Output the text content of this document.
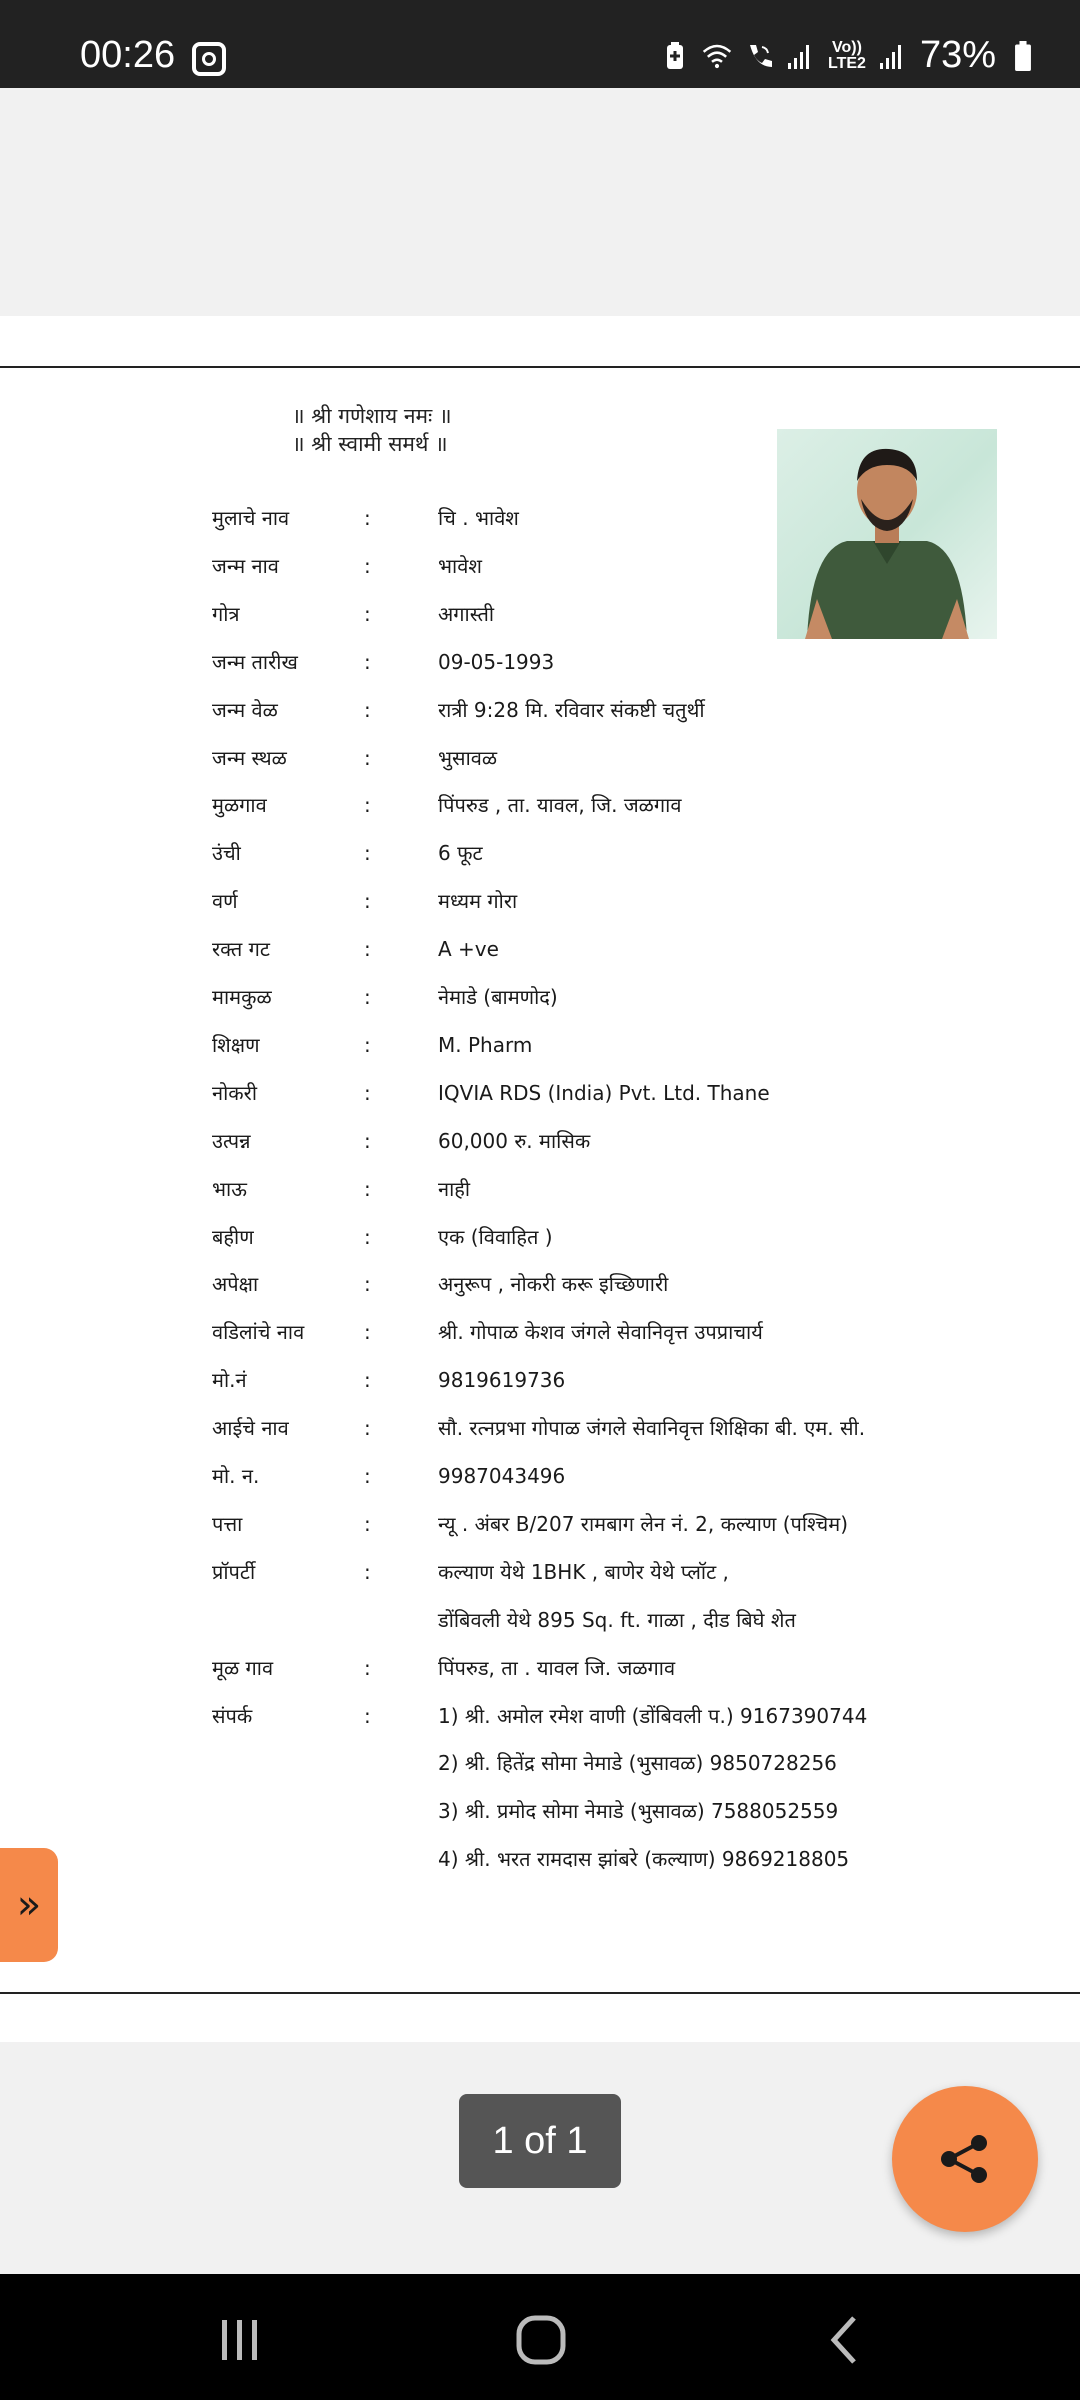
00:26	Vo))
LTE2 73%
॥ श्री गणेशाय नमः ॥
॥ श्री स्वामी समर्थ ॥
मुलाचे नाव	:	चि . भावेश
जन्म नाव	:	भावेश
गोत्र	:	अगास्ती
जन्म तारीख	:	09-05-1993
जन्म वेळ	:	रात्री 9:28 मि. रविवार संकष्टी चतुर्थी
जन्म स्थळ	:	भुसावळ
मुळगाव	:	पिंपरुड , ता. यावल, जि. जळगाव
उंची	:	6 फूट
वर्ण	:	मध्यम गोरा
रक्त गट	:	A +ve
मामकुळ	:	नेमाडे (बामणोद)
शिक्षण	:	M. Pharm
नोकरी	:	IQVIA RDS (India) Pvt. Ltd. Thane
उत्पन्न	:	60,000 रु. मासिक
भाऊ	:	नाही
बहीण	:	एक (विवाहित )
अपेक्षा	:	अनुरूप , नोकरी करू इच्छिणारी
वडिलांचे नाव	:	श्री. गोपाळ केशव जंगले सेवानिवृत्त उपप्राचार्य
मो.नं	:	9819619736
आईचे नाव	:	सौ. रत्नप्रभा गोपाळ जंगले सेवानिवृत्त शिक्षिका बी. एम. सी.
मो. न.	:	9987043496
पत्ता	:	न्यू . अंबर B/207 रामबाग लेन नं. 2, कल्याण (पश्चिम)
प्रॉपर्टी	:	कल्याण येथे 1BHK , बाणेर येथे प्लॉट ,
डोंबिवली येथे 895 Sq. ft. गाळा , दीड बिघे शेत
मूळ गाव	:	पिंपरुड, ता . यावल जि. जळगाव
संपर्क	:	1) श्री. अमोल रमेश वाणी (डोंबिवली प.) 9167390744
2) श्री. हितेंद्र सोमा नेमाडे (भुसावळ) 9850728256
3) श्री. प्रमोद सोमा नेमाडे (भुसावळ) 7588052559
4) श्री. भरत रामदास झांबरे (कल्याण) 9869218805
»
1 of 1
